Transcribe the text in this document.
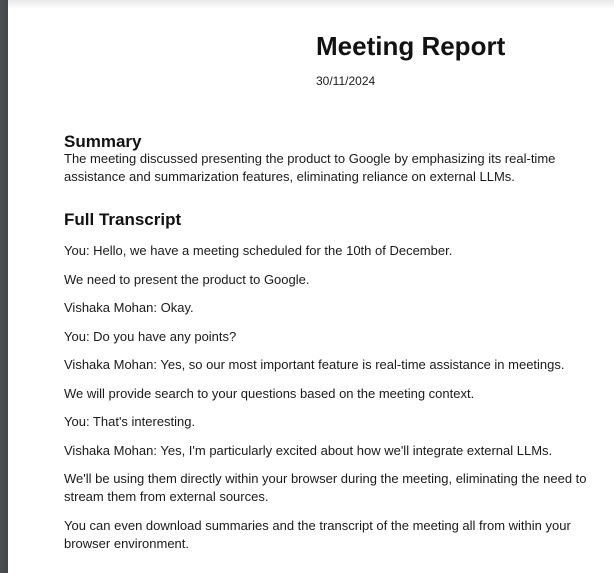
Meeting Report
30/11/2024
Summary
The meeting discussed presenting the product to Google by emphasizing its real-time
assistance and summarization features, eliminating reliance on external LLMs.
Full Transcript
You: Hello, we have a meeting scheduled for the 10th of December.
We need to present the product to Google.
Vishaka Mohan: Okay.
You: Do you have any points?
Vishaka Mohan: Yes, so our most important feature is real-time assistance in meetings.
We will provide search to your questions based on the meeting context.
You: That's interesting.
Vishaka Mohan: Yes, I'm particularly excited about how we'll integrate external LLMs.
We'll be using them directly within your browser during the meeting, eliminating the need to
stream them from external sources.
You can even download summaries and the transcript of the meeting all from within your
browser environment.
